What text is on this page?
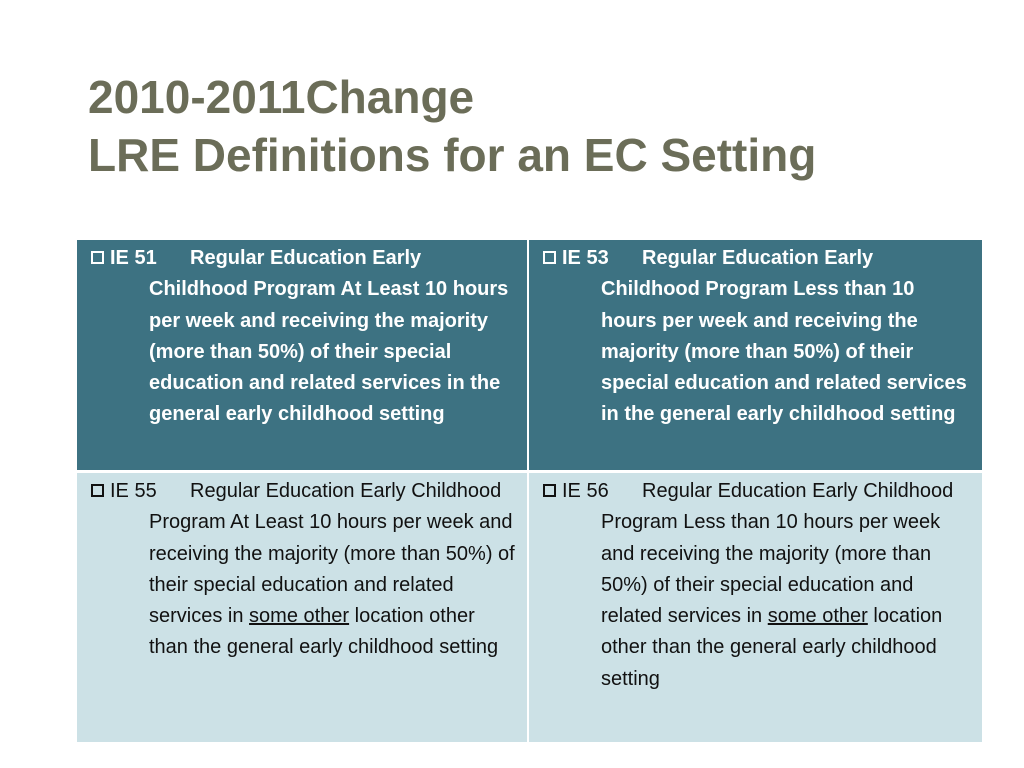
2010-2011Change
LRE Definitions for an EC Setting
IE 51 Regular Education Early Childhood Program At Least 10 hours per week and receiving the majority (more than 50%) of their special education and related services in the general early childhood setting
IE 53 Regular Education Early Childhood Program Less than 10 hours per week and receiving the majority (more than 50%) of their special education and related services in the general early childhood setting
IE 55 Regular Education Early Childhood Program At Least 10 hours per week and receiving the majority (more than 50%) of their special education and related services in some other location other than the general early childhood setting
IE 56 Regular Education Early Childhood Program Less than 10 hours per week and receiving the majority (more than 50%) of their special education and related services in some other location other than the general early childhood setting
